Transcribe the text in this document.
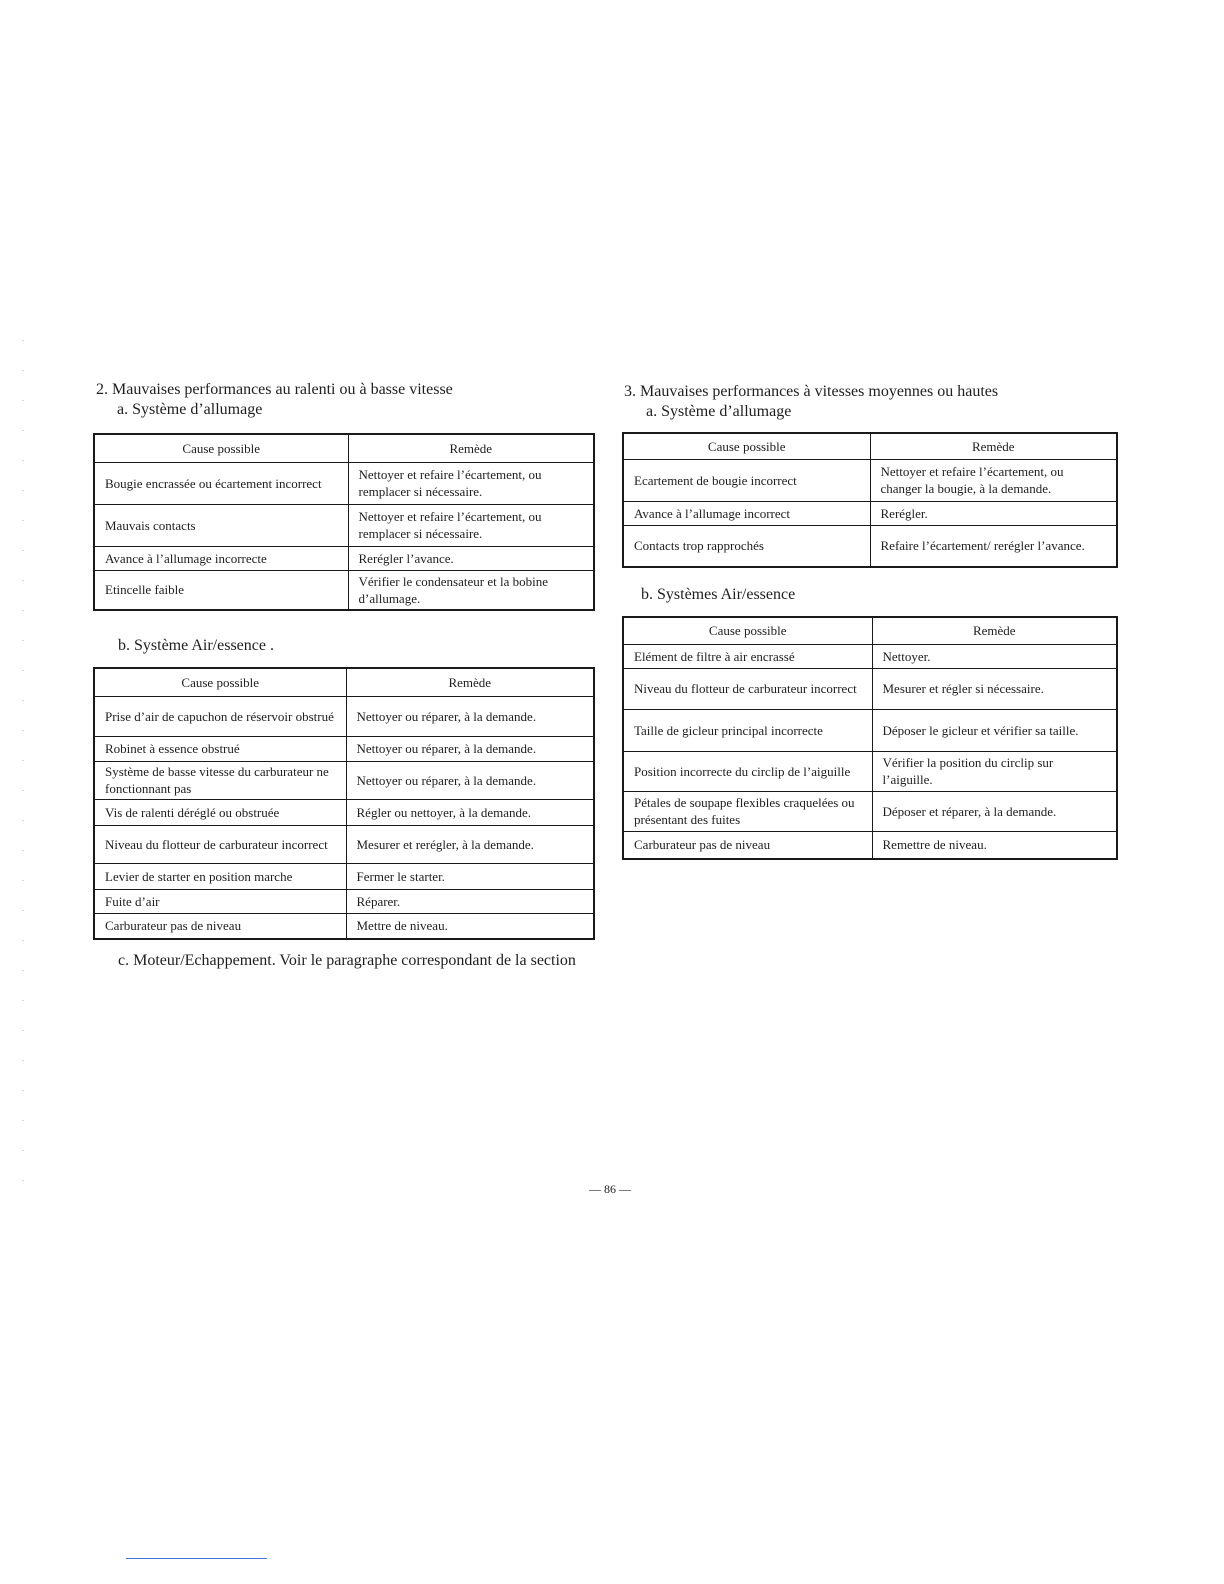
2. Mauvaises performances au ralenti ou à basse vitesse
a. Système d’allumage
Cause possible	Remède
Bougie encrassée ou écartement incorrect	Nettoyer et refaire l’écartement, ou remplacer si nécessaire.
Mauvais contacts	Nettoyer et refaire l’écartement, ou remplacer si nécessaire.
Avance à l’allumage incorrecte	Rerégler l’avance.
Etincelle faible	Vérifier le condensateur et la bobine d’allumage.
b. Système Air/essence .
Cause possible	Remède
Prise d’air de capuchon de réservoir obstrué	Nettoyer ou réparer, à la demande.
Robinet à essence obstrué	Nettoyer ou réparer, à la demande.
Système de basse vitesse du carburateur ne fonctionnant pas	Nettoyer ou réparer, à la demande.
Vis de ralenti déréglé ou obstruée	Régler ou nettoyer, à la demande.
Niveau du flotteur de carburateur incorrect	Mesurer et rerégler, à la demande.
Levier de starter en position marche	Fermer le starter.
Fuite d’air	Réparer.
Carburateur pas de niveau	Mettre de niveau.
c. Moteur/Echappement. Voir le paragraphe correspondant de la section
3. Mauvaises performances à vitesses moyennes ou hautes
a. Système d’allumage
Cause possible	Remède
Ecartement de bougie incorrect	Nettoyer et refaire l’écartement, ou changer la bougie, à la demande.
Avance à l’allumage incorrect	Rerégler.
Contacts trop rapprochés	Refaire l’écartement/ rerégler l’avance.
b. Systèmes Air/essence
Cause possible	Remède
Elément de filtre à air encrassé	Nettoyer.
Niveau du flotteur de carburateur incorrect	Mesurer et régler si nécessaire.
Taille de gicleur principal incorrecte	Déposer le gicleur et vérifier sa taille.
Position incorrecte du circlip de l’aiguille	Vérifier la position du circlip sur l’aiguille.
Pétales de soupape flexibles craquelées ou présentant des fuites	Déposer et réparer, à la demande.
Carburateur pas de niveau	Remettre de niveau.
— 86 —
